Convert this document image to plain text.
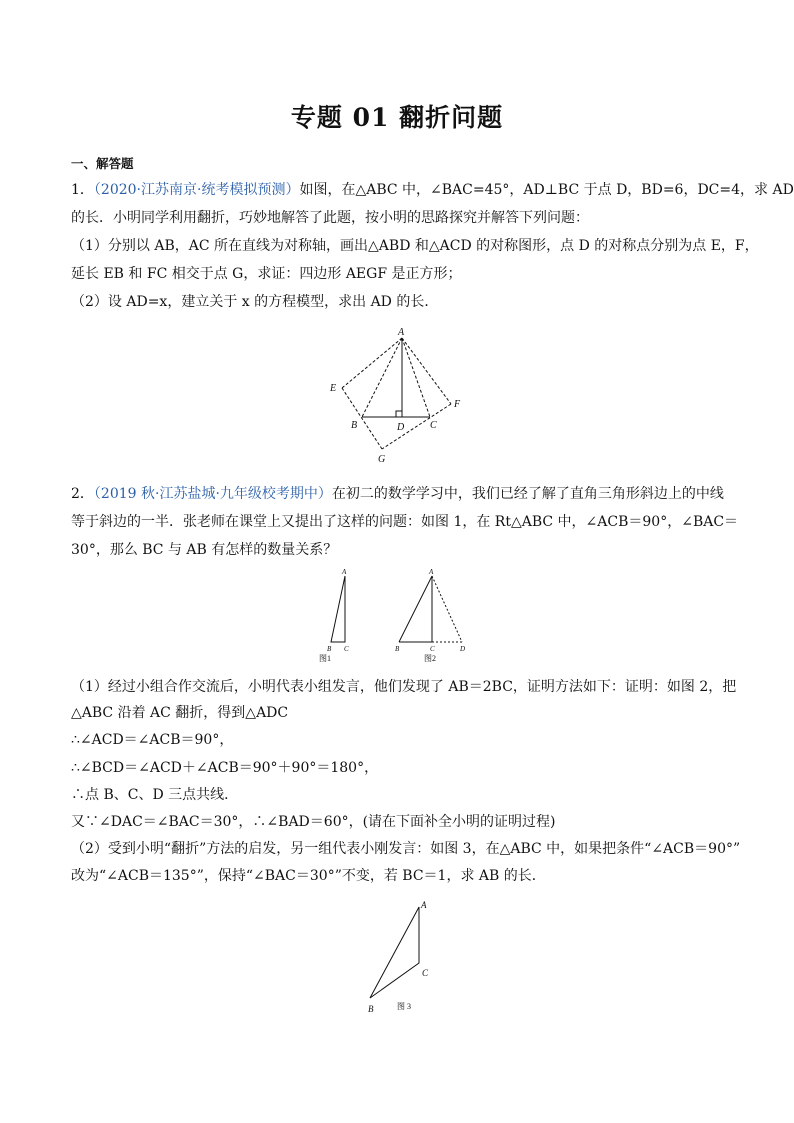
专题 01 翻折问题
一、解答题
1．（2020·江苏南京·统考模拟预测）如图，在△ABC 中，∠BAC=45°，AD⊥BC 于点 D，BD=6，DC=4，求 AD
的长．小明同学利用翻折，巧妙地解答了此题，按小明的思路探究并解答下列问题：
（1）分别以 AB，AC 所在直线为对称轴，画出△ABD 和△ACD 的对称图形，点 D 的对称点分别为点 E，F，
延长 EB 和 FC 相交于点 G，求证：四边形 AEGF 是正方形；
（2）设 AD=x，建立关于 x 的方程模型，求出 AD 的长．
A
E
F
B	D	C
G
2．（2019 秋·江苏盐城·九年级校考期中）在初二的数学学习中，我们已经了解了直角三角形斜边上的中线
等于斜边的一半．张老师在课堂上又提出了这样的问题：如图 1，在 Rt△ABC 中，∠ACB＝90°，∠BAC＝
30°，那么 BC 与 AB 有怎样的数量关系？
A
B C
图1
A
B	C	D
图2
（1）经过小组合作交流后，小明代表小组发言，他们发现了 AB＝2BC，证明方法如下：证明：如图 2，把
△ABC 沿着 AC 翻折，得到△ADC
∴∠ACD＝∠ACB＝90°，
∴∠BCD＝∠ACD＋∠ACB＝90°＋90°＝180°，
∴点 B、C、D 三点共线．
又∵∠DAC＝∠BAC＝30°，∴∠BAD＝60°，(请在下面补全小明的证明过程)
（2）受到小明“翻折”方法的启发，另一组代表小刚发言：如图 3，在△ABC 中，如果把条件“∠ACB＝90°”
改为“∠ACB＝135°”，保持“∠BAC＝30°”不变，若 BC＝1，求 AB 的长．
A
C
B	图 3
